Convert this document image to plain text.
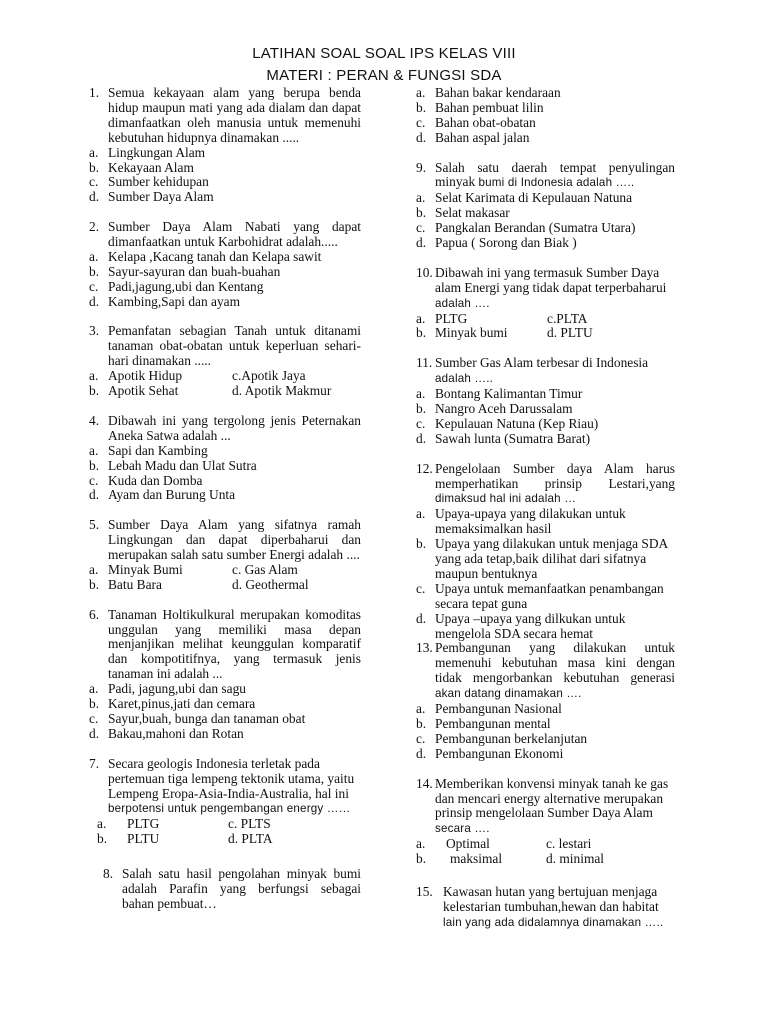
LATIHAN SOAL SOAL IPS KELAS VIII
MATERI : PERAN & FUNGSI SDA
1. Semua kekayaan alam yang berupa benda hidup maupun mati yang ada dialam dan dapat dimanfaatkan oleh manusia untuk memenuhi kebutuhan hidupnya dinamakan .....
a. Lingkungan Alam
b. Kekayaan Alam
c. Sumber kehidupan
d. Sumber Daya Alam
2. Sumber Daya Alam Nabati yang dapat dimanfaatkan untuk Karbohidrat adalah.....
a. Kelapa ,Kacang tanah dan Kelapa sawit
b. Sayur-sayuran dan buah-buahan
c. Padi,jagung,ubi dan Kentang
d. Kambing,Sapi dan ayam
3. Pemanfatan sebagian Tanah untuk ditanami tanaman obat-obatan untuk keperluan sehari-hari dinamakan .....
a. Apotik Hidup	c.Apotik Jaya
b. Apotik Sehat	d. Apotik Makmur
4. Dibawah ini yang tergolong jenis Peternakan Aneka Satwa adalah ...
a. Sapi dan Kambing
b. Lebah Madu dan Ulat Sutra
c. Kuda dan Domba
d. Ayam dan Burung Unta
5. Sumber Daya Alam yang sifatnya ramah Lingkungan dan dapat diperbaharui dan merupakan salah satu sumber Energi adalah ....
a. Minyak Bumi	c. Gas Alam
b. Batu Bara	d. Geothermal
6. Tanaman Holtikulkural merupakan komoditas unggulan yang memiliki masa depan menjanjikan melihat keunggulan komparatif dan kompotitifnya, yang termasuk jenis tanaman ini adalah ...
a. Padi, jagung,ubi dan sagu
b. Karet,pinus,jati dan cemara
c. Sayur,buah, bunga dan tanaman obat
d. Bakau,mahoni dan Rotan
7. Secara geologis Indonesia terletak pada pertemuan tiga lempeng tektonik utama, yaitu Lempeng Eropa-Asia-India-Australia, hal ini berpotensi untuk pengembangan energy ……
a.	PLTG	c. PLTS
b.	PLTU	d. PLTA
8. Salah satu hasil pengolahan minyak bumi adalah Parafin yang berfungsi sebagai bahan pembuat…
a. Bahan bakar kendaraan
b. Bahan pembuat lilin
c. Bahan obat-obatan
d. Bahan aspal jalan
9. Salah satu daerah tempat penyulingan minyak bumi di Indonesia adalah …..
a. Selat Karimata di Kepulauan Natuna
b. Selat makasar
c. Pangkalan Berandan (Sumatra Utara)
d. Papua ( Sorong dan Biak )
10. Dibawah ini yang termasuk Sumber Daya alam Energi yang tidak dapat terperbaharui
adalah ….
a. PLTG	c.PLTA
b. Minyak bumi	d. PLTU
11. Sumber Gas Alam terbesar di Indonesia
adalah …..
a. Bontang Kalimantan Timur
b. Nangro Aceh Darussalam
c. Kepulauan Natuna (Kep Riau)
d. Sawah lunta (Sumatra Barat)
12. Pengelolaan Sumber daya Alam harus memperhatikan prinsip Lestari,yang dimaksud hal ini adalah …
a. Upaya-upaya yang dilakukan untuk memaksimalkan hasil
b. Upaya yang dilakukan untuk menjaga SDA yang ada tetap,baik dilihat dari sifatnya maupun bentuknya
c. Upaya untuk memanfaatkan penambangan secara tepat guna
d. Upaya –upaya yang dilkukan untuk mengelola SDA secara hemat
13. Pembangunan yang dilakukan untuk memenuhi kebutuhan masa kini dengan tidak mengorbankan kebutuhan generasi akan datang dinamakan ….
a. Pembangunan Nasional
b. Pembangunan mental
c. Pembangunan berkelanjutan
d. Pembangunan Ekonomi
14. Memberikan konvensi minyak tanah ke gas dan mencari energy alternative merupakan prinsip mengelolaan Sumber Daya Alam
secara ….
a.	Optimal	c. lestari
b.	maksimal	d. minimal
15. Kawasan hutan yang bertujuan menjaga kelestarian tumbuhan,hewan dan habitat
lain yang ada didalamnya dinamakan …..
